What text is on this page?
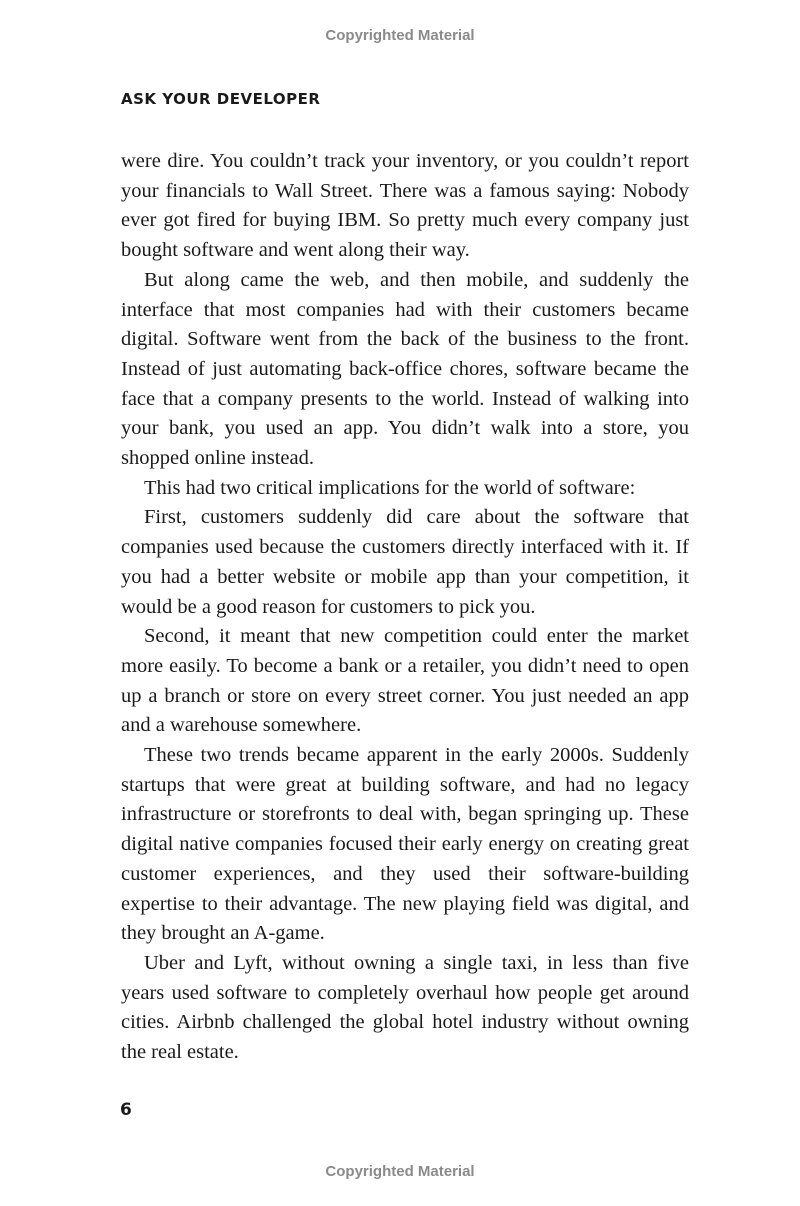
Copyrighted Material
ASK YOUR DEVELOPER

were dire. You couldn’t track your inventory, or you couldn’t report your financials to Wall Street. There was a famous saying: Nobody ever got fired for buying IBM. So pretty much every company just bought software and went along their way.

But along came the web, and then mobile, and suddenly the interface that most companies had with their customers became digital. Software went from the back of the business to the front. Instead of just automating back-office chores, software became the face that a company presents to the world. Instead of walking into your bank, you used an app. You didn’t walk into a store, you shopped online instead.

This had two critical implications for the world of software:

First, customers suddenly did care about the software that companies used because the customers directly interfaced with it. If you had a better website or mobile app than your competition, it would be a good reason for customers to pick you.

Second, it meant that new competition could enter the market more easily. To become a bank or a retailer, you didn’t need to open up a branch or store on every street corner. You just needed an app and a warehouse somewhere.

These two trends became apparent in the early 2000s. Suddenly startups that were great at building software, and had no legacy infrastructure or storefronts to deal with, began springing up. These digital native companies focused their early energy on creating great customer experiences, and they used their software-building expertise to their advantage. The new playing field was digital, and they brought an A-game.

Uber and Lyft, without owning a single taxi, in less than five years used software to completely overhaul how people get around cities. Airbnb challenged the global hotel industry without owning the real estate.

6
Copyrighted Material
